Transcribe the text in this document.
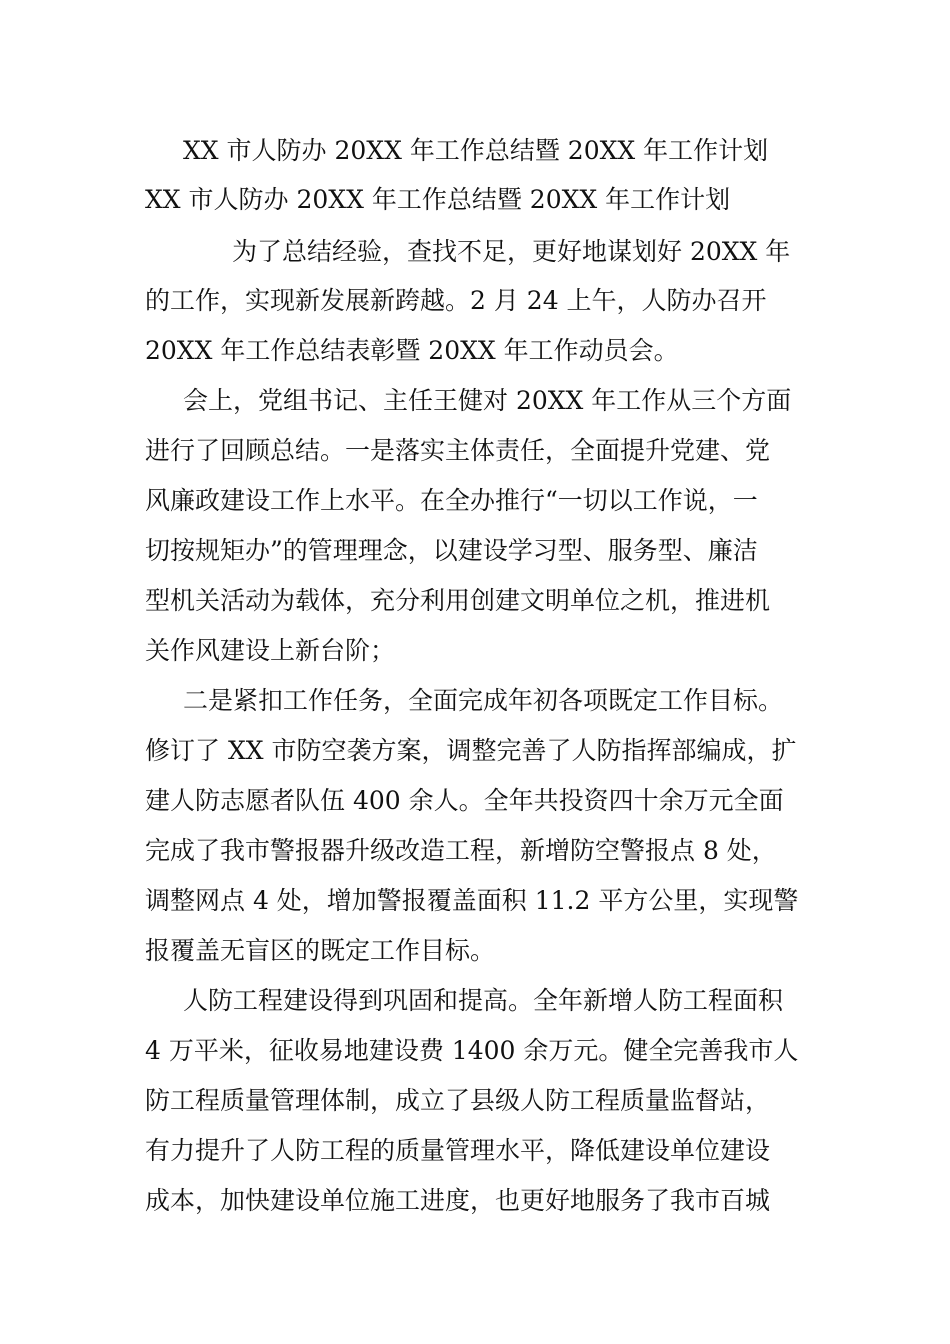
XX 市人防办 20XX 年工作总结暨 20XX 年工作计划
XX 市人防办 20XX 年工作总结暨 20XX 年工作计划
为了总结经验，查找不足，更好地谋划好 20XX 年
的工作，实现新发展新跨越。2 月 24 上午，人防办召开
20XX 年工作总结表彰暨 20XX 年工作动员会。
会上，党组书记、主任王健对 20XX 年工作从三个方面
进行了回顾总结。一是落实主体责任，全面提升党建、党
风廉政建设工作上水平。在全办推行“一切以工作说，一
切按规矩办”的管理理念，以建设学习型、服务型、廉洁
型机关活动为载体，充分利用创建文明单位之机，推进机
关作风建设上新台阶；
二是紧扣工作任务，全面完成年初各项既定工作目标。
修订了 XX 市防空袭方案，调整完善了人防指挥部编成，扩
建人防志愿者队伍 400 余人。全年共投资四十余万元全面
完成了我市警报器升级改造工程，新增防空警报点 8 处，
调整网点 4 处，增加警报覆盖面积 11.2 平方公里，实现警
报覆盖无盲区的既定工作目标。
人防工程建设得到巩固和提高。全年新增人防工程面积
4 万平米，征收易地建设费 1400 余万元。健全完善我市人
防工程质量管理体制，成立了县级人防工程质量监督站，
有力提升了人防工程的质量管理水平，降低建设单位建设
成本，加快建设单位施工进度，也更好地服务了我市百城
